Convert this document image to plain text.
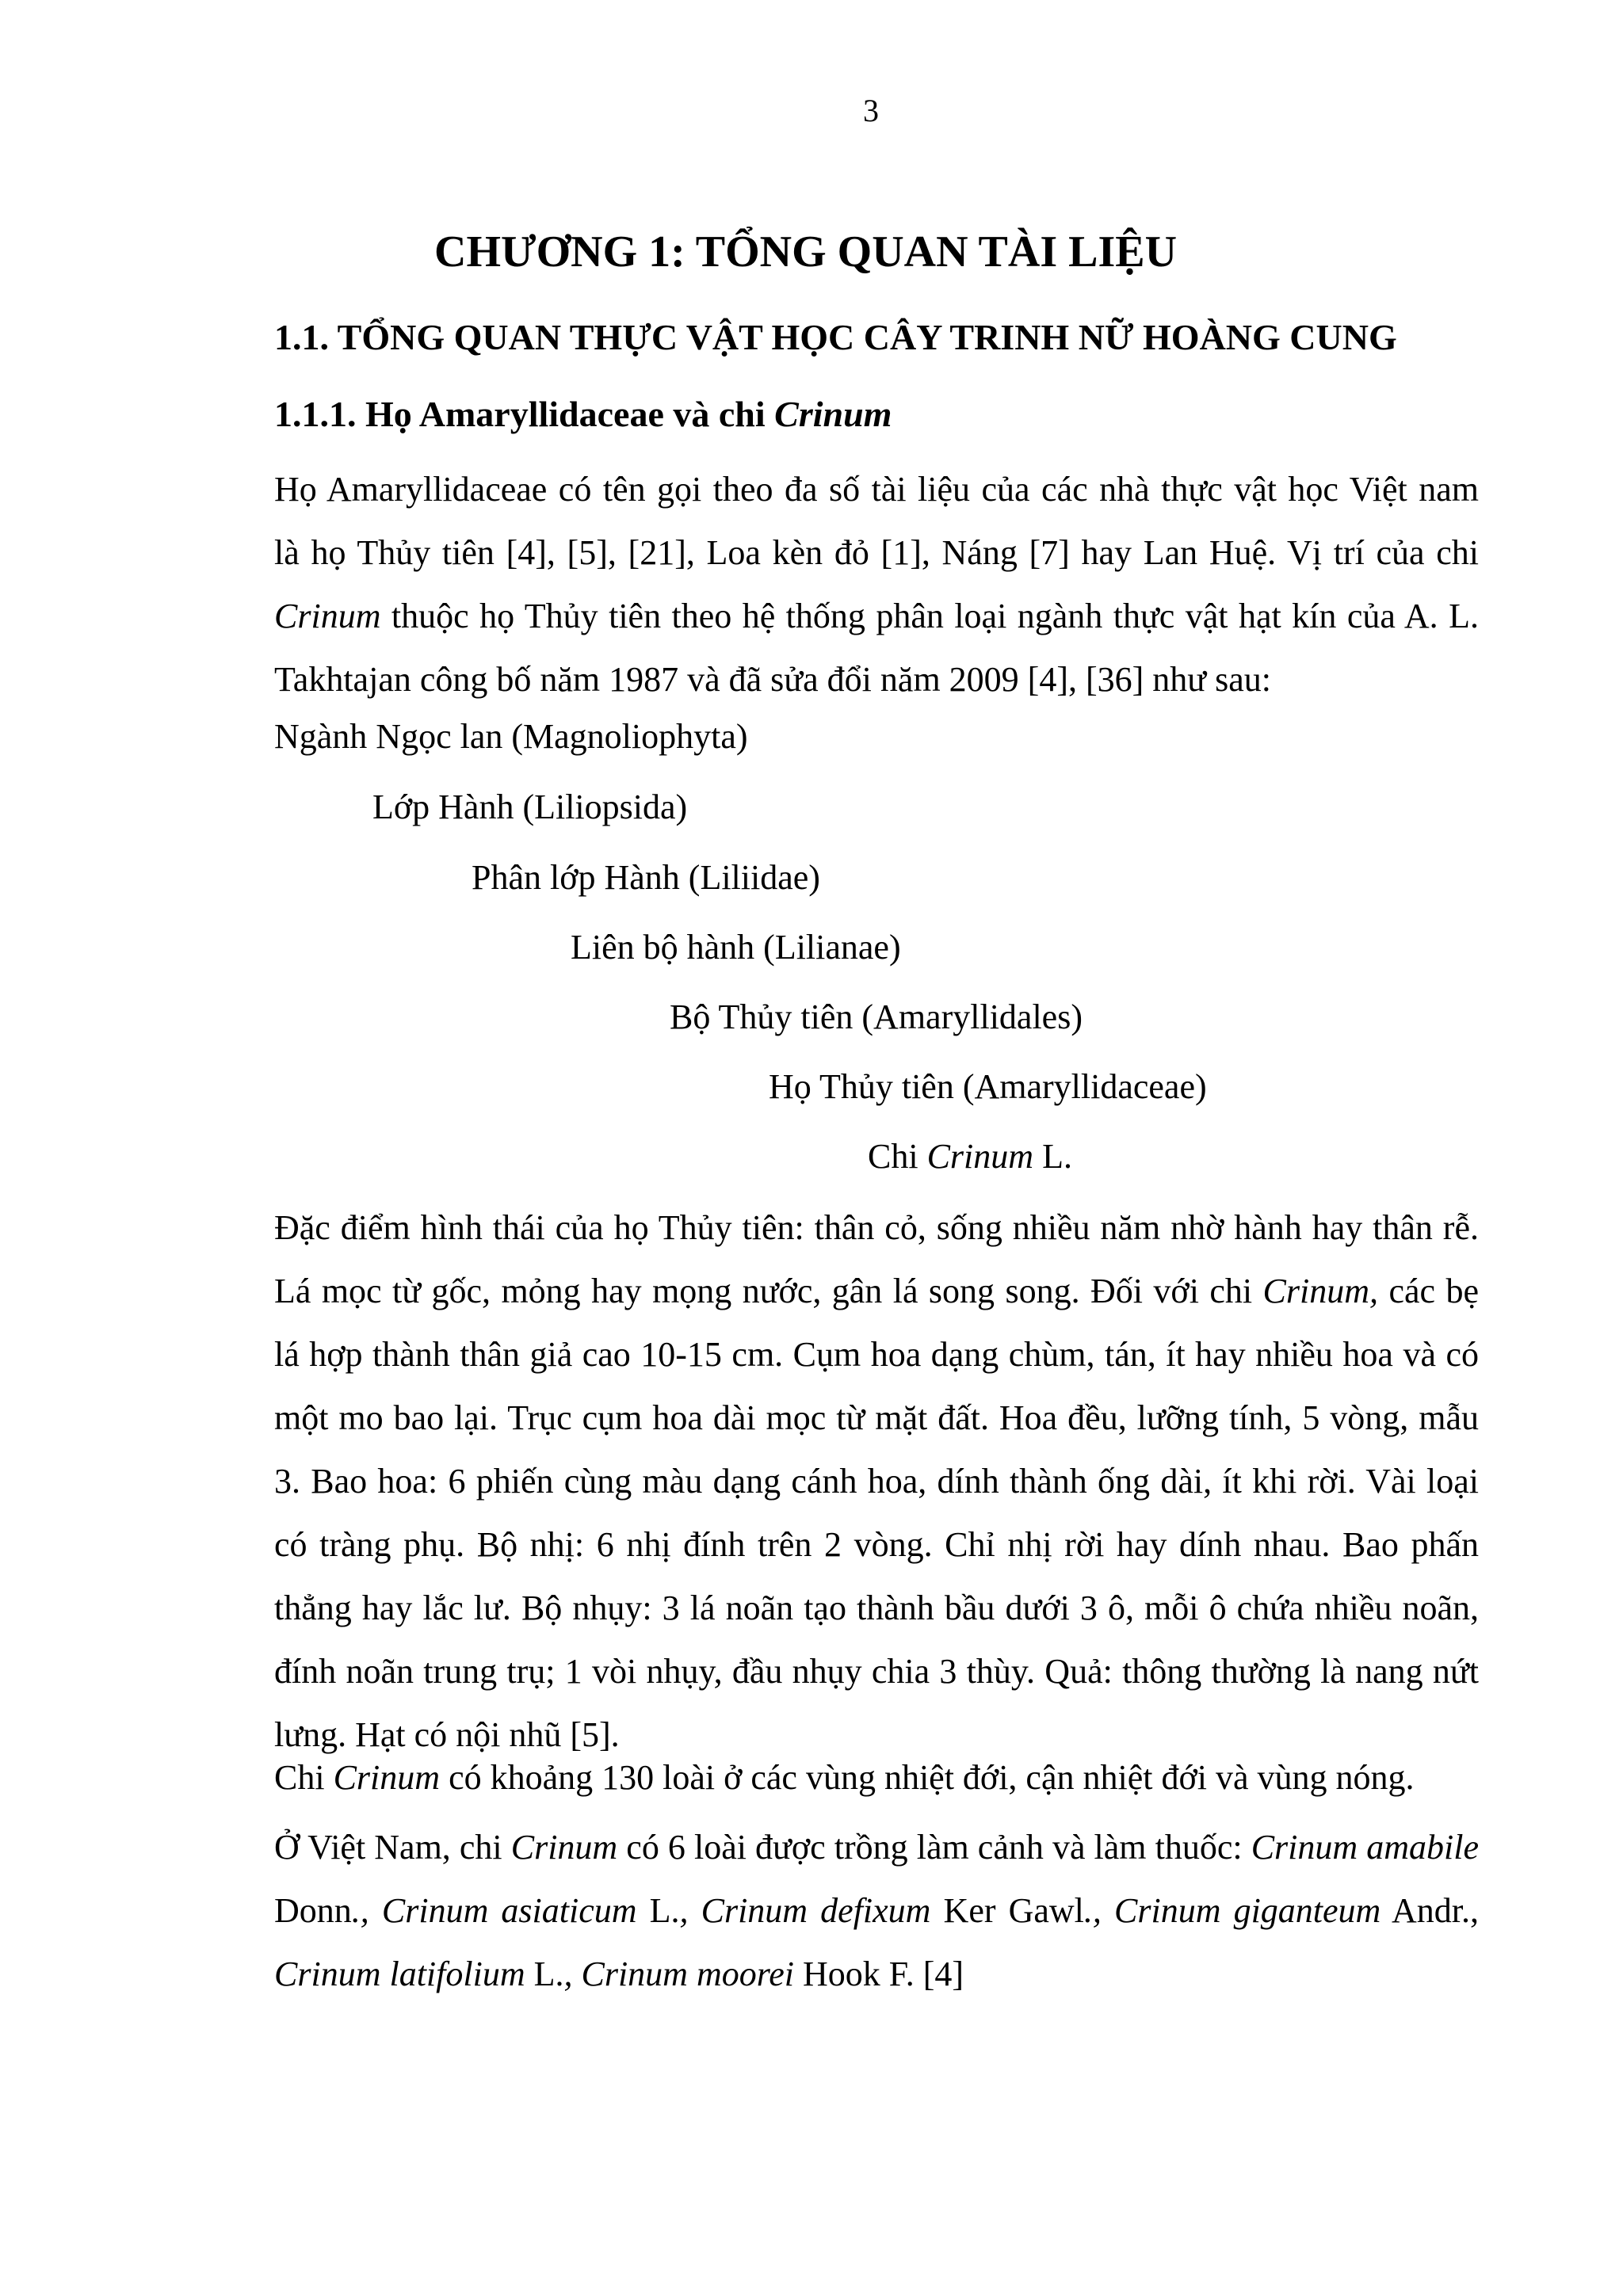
3
CHƯƠNG 1: TỔNG QUAN TÀI LIỆU
1.1. TỔNG QUAN THỰC VẬT HỌC CÂY TRINH NỮ HOÀNG CUNG
1.1.1. Họ Amaryllidaceae và chi Crinum
Họ Amaryllidaceae có tên gọi theo đa số tài liệu của các nhà thực vật học Việt nam
là họ Thủy tiên [4], [5], [21], Loa kèn đỏ [1], Náng [7] hay Lan Huệ. Vị trí của chi
Crinum thuộc họ Thủy tiên theo hệ thống phân loại ngành thực vật hạt kín của A. L.
Takhtajan công bố năm 1987 và đã sửa đổi năm 2009 [4], [36] như sau:
Ngành Ngọc lan (Magnoliophyta)
Lớp Hành (Liliopsida)
Phân lớp Hành (Liliidae)
Liên bộ hành (Lilianae)
Bộ Thủy tiên (Amaryllidales)
Họ Thủy tiên (Amaryllidaceae)
Chi Crinum L.
Đặc điểm hình thái của họ Thủy tiên: thân cỏ, sống nhiều năm nhờ hành hay thân rễ.
Lá mọc từ gốc, mỏng hay mọng nước, gân lá song song. Đối với chi Crinum, các bẹ
lá hợp thành thân giả cao 10-15 cm. Cụm hoa dạng chùm, tán, ít hay nhiều hoa và có
một mo bao lại. Trục cụm hoa dài mọc từ mặt đất. Hoa đều, lưỡng tính, 5 vòng, mẫu
3. Bao hoa: 6 phiến cùng màu dạng cánh hoa, dính thành ống dài, ít khi rời. Vài loại
có tràng phụ. Bộ nhị: 6 nhị đính trên 2 vòng. Chỉ nhị rời hay dính nhau. Bao phấn
thẳng hay lắc lư. Bộ nhụy: 3 lá noãn tạo thành bầu dưới 3 ô, mỗi ô chứa nhiều noãn,
đính noãn trung trụ; 1 vòi nhụy, đầu nhụy chia 3 thùy. Quả: thông thường là nang nứt
lưng. Hạt có nội nhũ [5].
Chi Crinum có khoảng 130 loài ở các vùng nhiệt đới, cận nhiệt đới và vùng nóng.
Ở Việt Nam, chi Crinum có 6 loài được trồng làm cảnh và làm thuốc: Crinum amabile
Donn., Crinum asiaticum L., Crinum defixum Ker Gawl., Crinum giganteum Andr.,
Crinum latifolium L., Crinum moorei Hook F. [4]
